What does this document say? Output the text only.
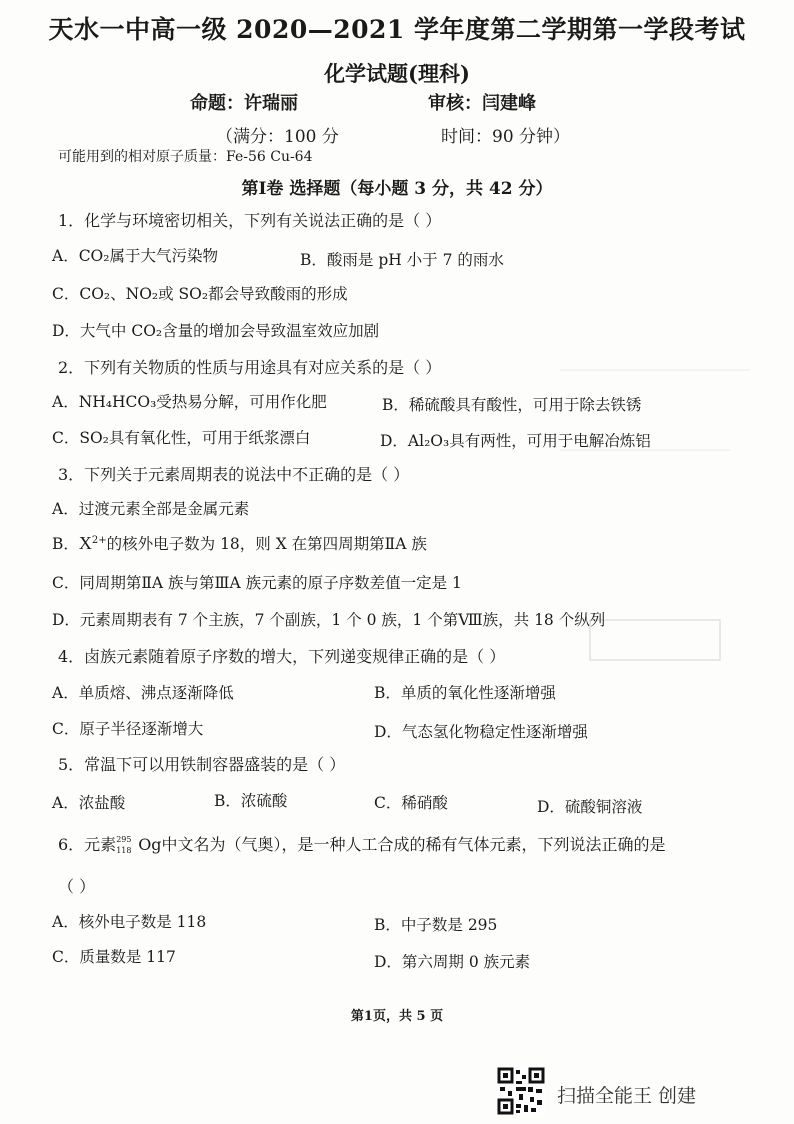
天水一中高一级 2020—2021 学年度第二学期第一学段考试
化学试题(理科)
命题：许瑞丽	审核：闫建峰
（满分：100 分	时间：90 分钟）
可能用到的相对原子质量：Fe-56 Cu-64
第Ⅰ卷 选择题（每小题 3 分，共 42 分）
1．化学与环境密切相关，下列有关说法正确的是（ ）
A．CO₂属于大气污染物	B．酸雨是 pH 小于 7 的雨水
C．CO₂、NO₂或 SO₂都会导致酸雨的形成
D．大气中 CO₂含量的增加会导致温室效应加剧
2．下列有关物质的性质与用途具有对应关系的是（ ）
A．NH₄HCO₃受热易分解，可用作化肥	B．稀硫酸具有酸性，可用于除去铁锈
C．SO₂具有氧化性，可用于纸浆漂白	D．Al₂O₃具有两性，可用于电解冶炼铝
3．下列关于元素周期表的说法中不正确的是（ ）
A．过渡元素全部是金属元素
B．$X^{2+}$的核外电子数为 18，则 X 在第四周期第ⅡA 族
C．同周期第ⅡA 族与第ⅢA 族元素的原子序数差值一定是 1
D．元素周期表有 7 个主族，7 个副族，1 个 0 族，1 个第Ⅷ族，共 18 个纵列
4．卤族元素随着原子序数的增大，下列递变规律正确的是（ ）
A．单质熔、沸点逐渐降低	B．单质的氧化性逐渐增强
C．原子半径逐渐增大	D．气态氢化物稳定性逐渐增强
5．常温下可以用铁制容器盛装的是（ ）
A．浓盐酸	B．浓硫酸	C．稀硝酸	D．硫酸铜溶液
6．元素 295
118 Og中文名为（气奥），是一种人工合成的稀有气体元素，下列说法正确的是
（ ）
A．核外电子数是 118	B．中子数是 295
C．质量数是 117	D．第六周期 0 族元素
第1页，共 5 页
扫描全能王 创建
